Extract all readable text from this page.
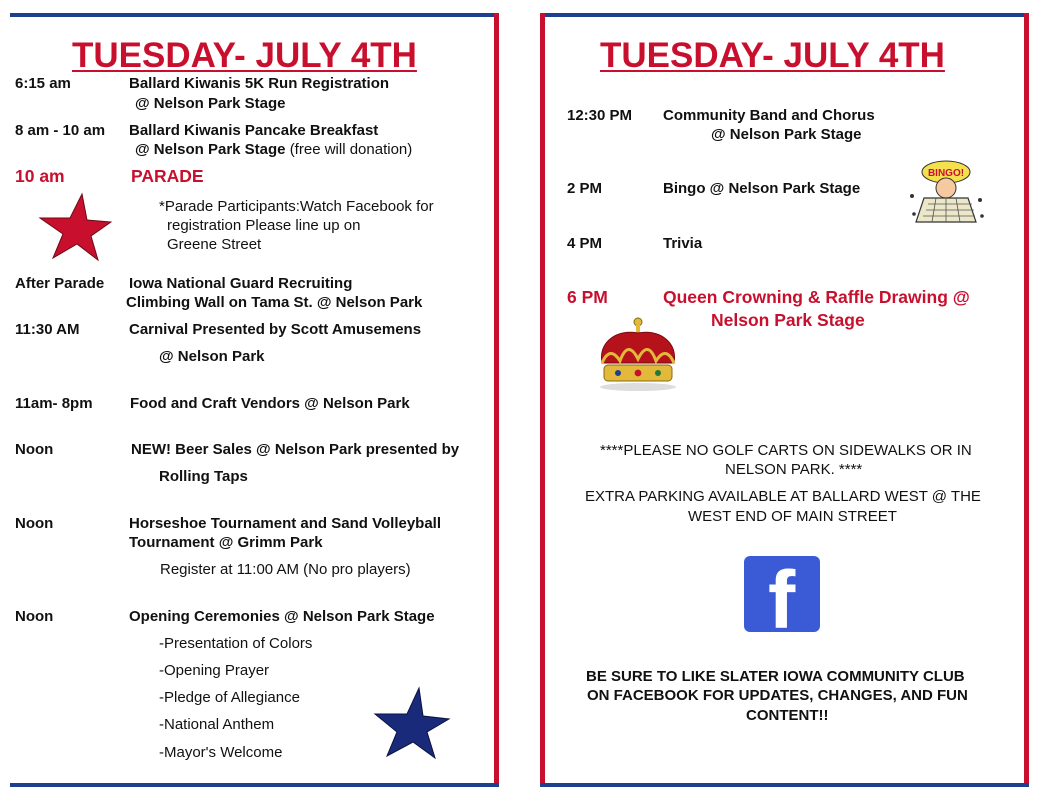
TUESDAY- JULY 4TH
6:15 am	Ballard Kiwanis 5K Run Registration
@ Nelson Park Stage
8 am - 10 am Ballard Kiwanis Pancake Breakfast
@ Nelson Park Stage (free will donation)
10 am	PARADE
*Parade Participants:Watch Facebook for
registration Please line up on
Greene Street
After Parade Iowa National Guard Recruiting
Climbing Wall on Tama St. @ Nelson Park
11:30 AM	Carnival Presented by Scott Amusemens
@ Nelson Park
11am- 8pm Food and Craft Vendors @ Nelson Park
Noon	NEW! Beer Sales @ Nelson Park presented by
Rolling Taps
Noon	Horseshoe Tournament and Sand Volleyball
Tournament @ Grimm Park
Register at 11:00 AM (No pro players)
Noon	Opening Ceremonies @ Nelson Park Stage
-Presentation of Colors
-Opening Prayer
-Pledge of Allegiance
-National Anthem
-Mayor's Welcome
TUESDAY- JULY 4TH
12:30 PM Community Band and Chorus
@ Nelson Park Stage
2 PM	Bingo @ Nelson Park Stage
BINGO!
4 PM	Trivia
6 PM	Queen Crowning & Raffle Drawing @
Nelson Park Stage
****PLEASE NO GOLF CARTS ON SIDEWALKS OR IN
NELSON PARK. ****
EXTRA PARKING AVAILABLE AT BALLARD WEST @ THE
WEST END OF MAIN STREET
f
BE SURE TO LIKE SLATER IOWA COMMUNITY CLUB
ON FACEBOOK FOR UPDATES, CHANGES, AND FUN
CONTENT!!
